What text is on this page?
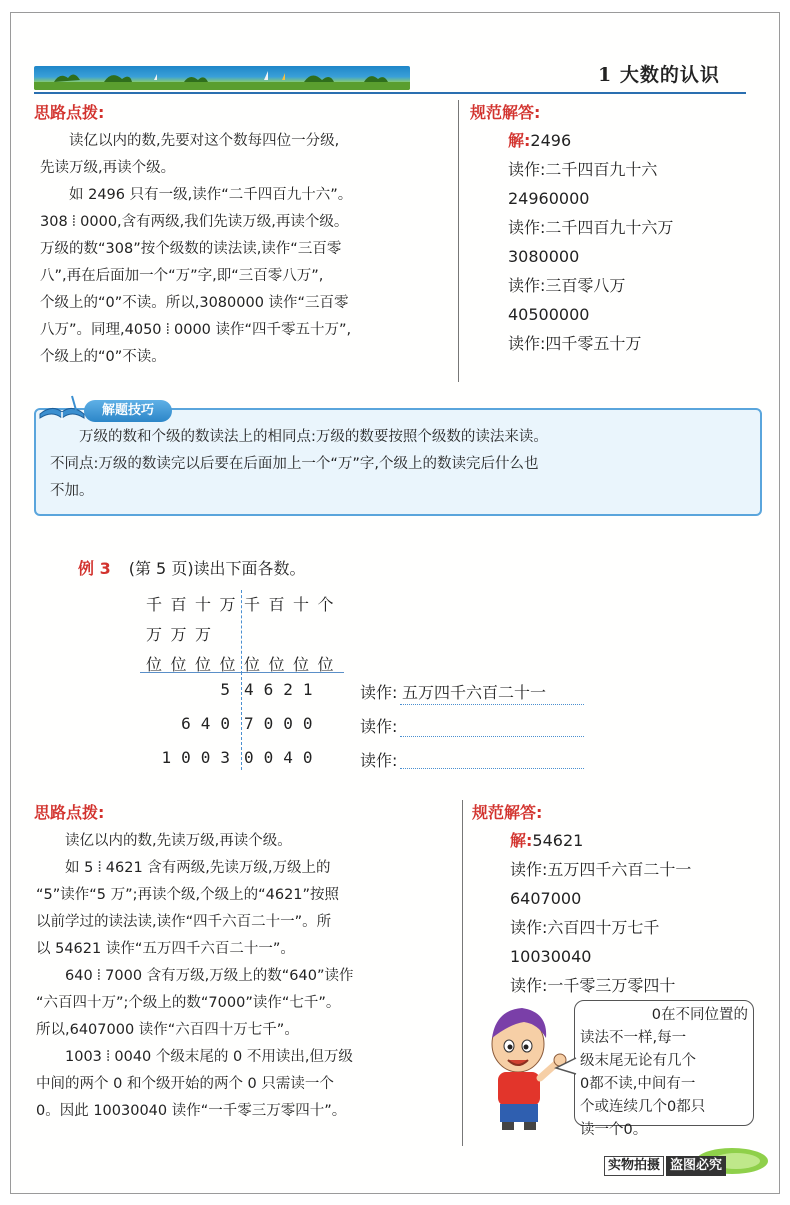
1 大数的认识
思路点拨:
读亿以内的数,先要对这个数每四位一分级,
先读万级,再读个级。
如 2496 只有一级,读作“二千四百九十六”。
308 ⦙ 0000,含有两级,我们先读万级,再读个级。
万级的数“308”按个级数的读法读,读作“三百零
八”,再在后面加一个“万”字,即“三百零八万”,
个级上的“0”不读。所以,3080000 读作“三百零
八万”。同理,4050 ⦙ 0000 读作“四千零五十万”,
个级上的“0”不读。
规范解答:
解:2496
读作:二千四百九十六
24960000
读作:二千四百九十六万
3080000
读作:三百零八万
40500000
读作:四千零五十万
解题技巧
万级的数和个级的数读法上的相同点:万级的数要按照个级数的读法来读。
不同点:万级的数读完以后要在后面加上一个“万”字,个级上的数读完后什么也
不加。
例 3 (第 5 页)读出下面各数。
千 百 十 万 千 百 十 个
万 万 万
位 位 位 位 位 位 位 位
5 4621
640 7000
1003 0040
读作: 五万四千六百二十一
读作:
读作:
思路点拨:
读亿以内的数,先读万级,再读个级。
如 5 ⦙ 4621 含有两级,先读万级,万级上的
“5”读作“5 万”;再读个级,个级上的“4621”按照
以前学过的读法读,读作“四千六百二十一”。所
以 54621 读作“五万四千六百二十一”。
640 ⦙ 7000 含有万级,万级上的数“640”读作
“六百四十万”;个级上的数“7000”读作“七千”。
所以,6407000 读作“六百四十万七千”。
1003 ⦙ 0040 个级末尾的 0 不用读出,但万级
中间的两个 0 和个级开始的两个 0 只需读一个
0。因此 10030040 读作“一千零三万零四十”。
规范解答:
解:54621
读作:五万四千六百二十一
6407000
读作:六百四十万七千
10030040
读作:一千零三万零四十
0在不同位置的
读法不一样,每一
级末尾无论有几个
0都不读,中间有一
个或连续几个0都只
读一个0。
实物拍摄 盗图必究
